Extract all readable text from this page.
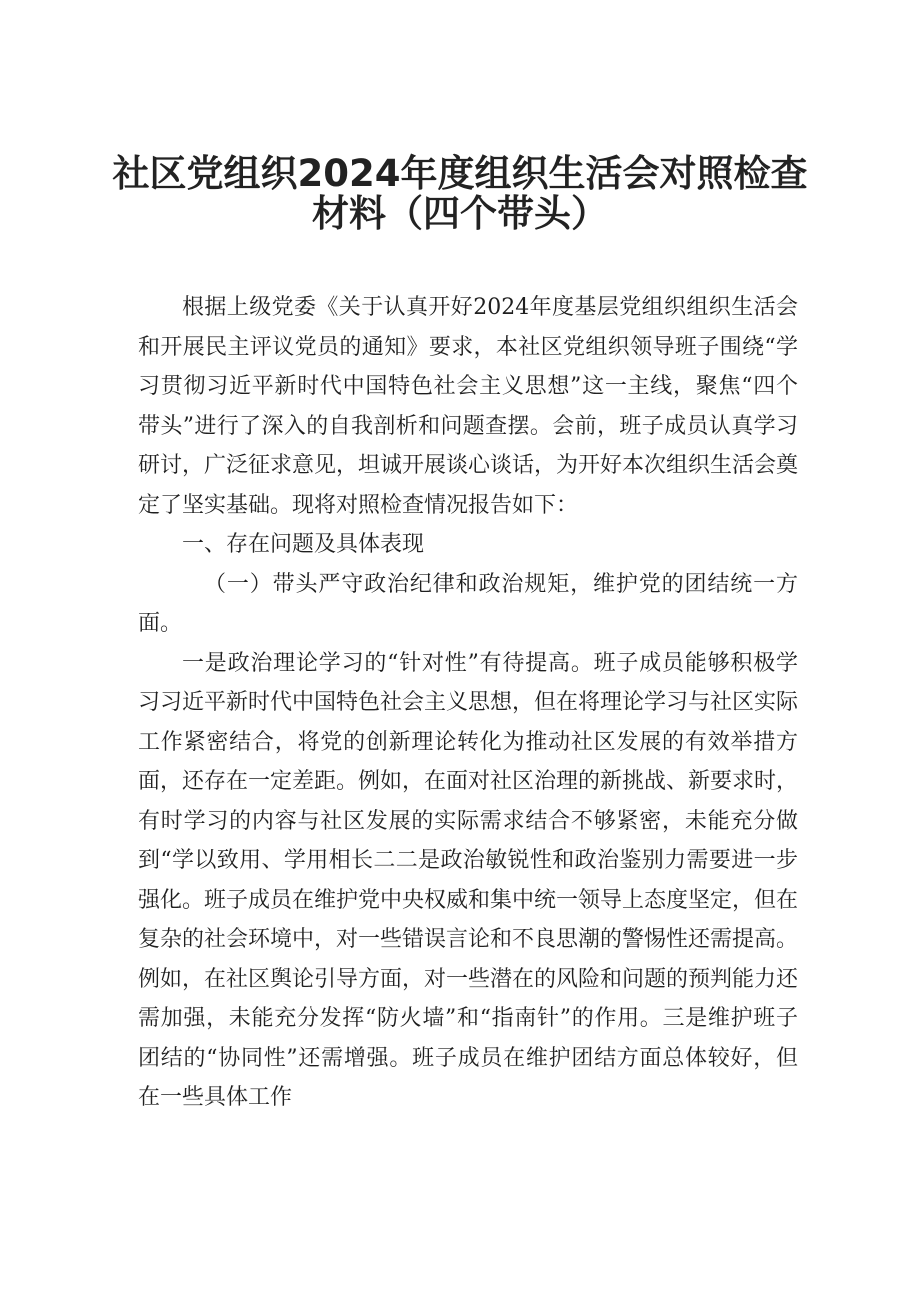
社区党组织2024年度组织生活会对照检查
材料（四个带头）

根据上级党委《关于认真开好2024年度基层党组织组织生活会和开展民主评议党员的通知》要求，本社区党组织领导班子围绕“学习贯彻习近平新时代中国特色社会主义思想”这一主线，聚焦“四个带头”进行了深入的自我剖析和问题查摆。会前，班子成员认真学习研讨，广泛征求意见，坦诚开展谈心谈话，为开好本次组织生活会奠定了坚实基础。现将对照检查情况报告如下：

一、存在问题及具体表现

（一）带头严守政治纪律和政治规矩，维护党的团结统一方面。

一是政治理论学习的“针对性”有待提高。班子成员能够积极学习习近平新时代中国特色社会主义思想，但在将理论学习与社区实际工作紧密结合，将党的创新理论转化为推动社区发展的有效举措方面，还存在一定差距。例如，在面对社区治理的新挑战、新要求时，有时学习的内容与社区发展的实际需求结合不够紧密，未能充分做到“学以致用、学用相长二二是政治敏锐性和政治鉴别力需要进一步强化。班子成员在维护党中央权威和集中统一领导上态度坚定，但在复杂的社会环境中，对一些错误言论和不良思潮的警惕性还需提高。例如，在社区舆论引导方面，对一些潜在的风险和问题的预判能力还需加强，未能充分发挥“防火墙”和“指南针”的作用。三是维护班子团结的“协同性”还需增强。班子成员在维护团结方面总体较好，但在一些具体工作
